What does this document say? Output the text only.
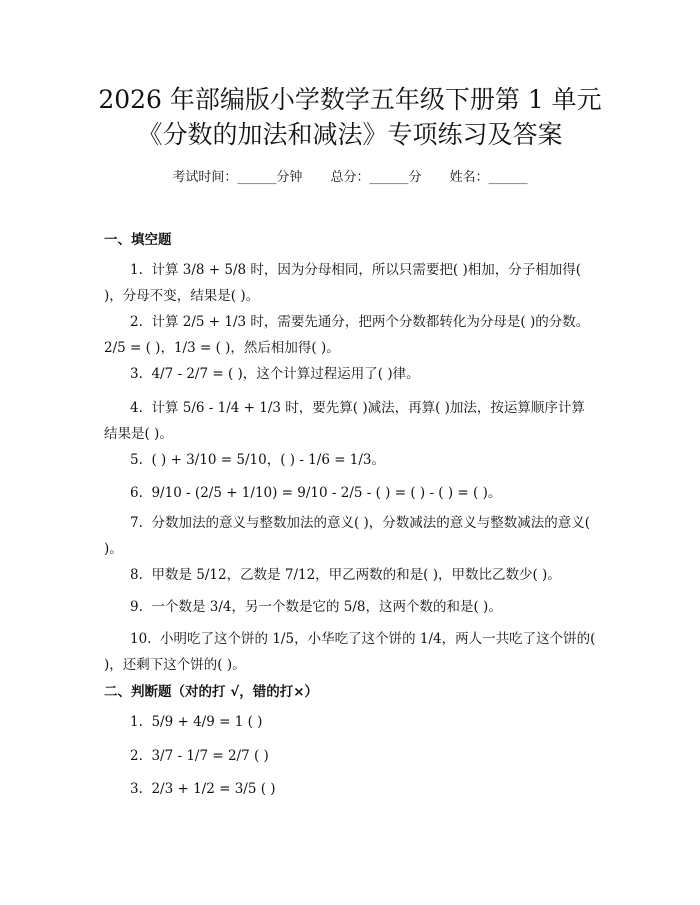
2026 年部编版小学数学五年级下册第 1 单元
《分数的加法和减法》专项练习及答案
考试时间：______分钟 总分：______分 姓名：______
一、填空题
1.  计算 3/8 + 5/8 时，因为分母相同，所以只需要把( )相加，分子相加得( )，分母不变，结果是( )。
2.  计算 2/5 + 1/3 时，需要先通分，把两个分数都转化为分母是( )的分数。2/5 = ( )，1/3 = ( )，然后相加得( )。
3.  4/7 - 2/7 = ( )，这个计算过程运用了( )律。
4.  计算 5/6 - 1/4 + 1/3 时，要先算( )减法，再算( )加法，按运算顺序计算结果是( )。
5.  ( ) + 3/10 = 5/10，( ) - 1/6 = 1/3。
6.  9/10 - (2/5 + 1/10) = 9/10 - 2/5 - ( ) = ( ) - ( ) = ( )。
7.  分数加法的意义与整数加法的意义( )，分数减法的意义与整数减法的意义( )。
8.  甲数是 5/12，乙数是 7/12，甲乙两数的和是( )，甲数比乙数少( )。
9.  一个数是 3/4，另一个数是它的 5/8，这两个数的和是( )。
10.  小明吃了这个饼的 1/5，小华吃了这个饼的 1/4，两人一共吃了这个饼的( )，还剩下这个饼的( )。
二、判断题（对的打 √，错的打×）
1.  5/9 + 4/9 = 1 ( )
2.  3/7 - 1/7 = 2/7 ( )
3.  2/3 + 1/2 = 3/5 ( )
